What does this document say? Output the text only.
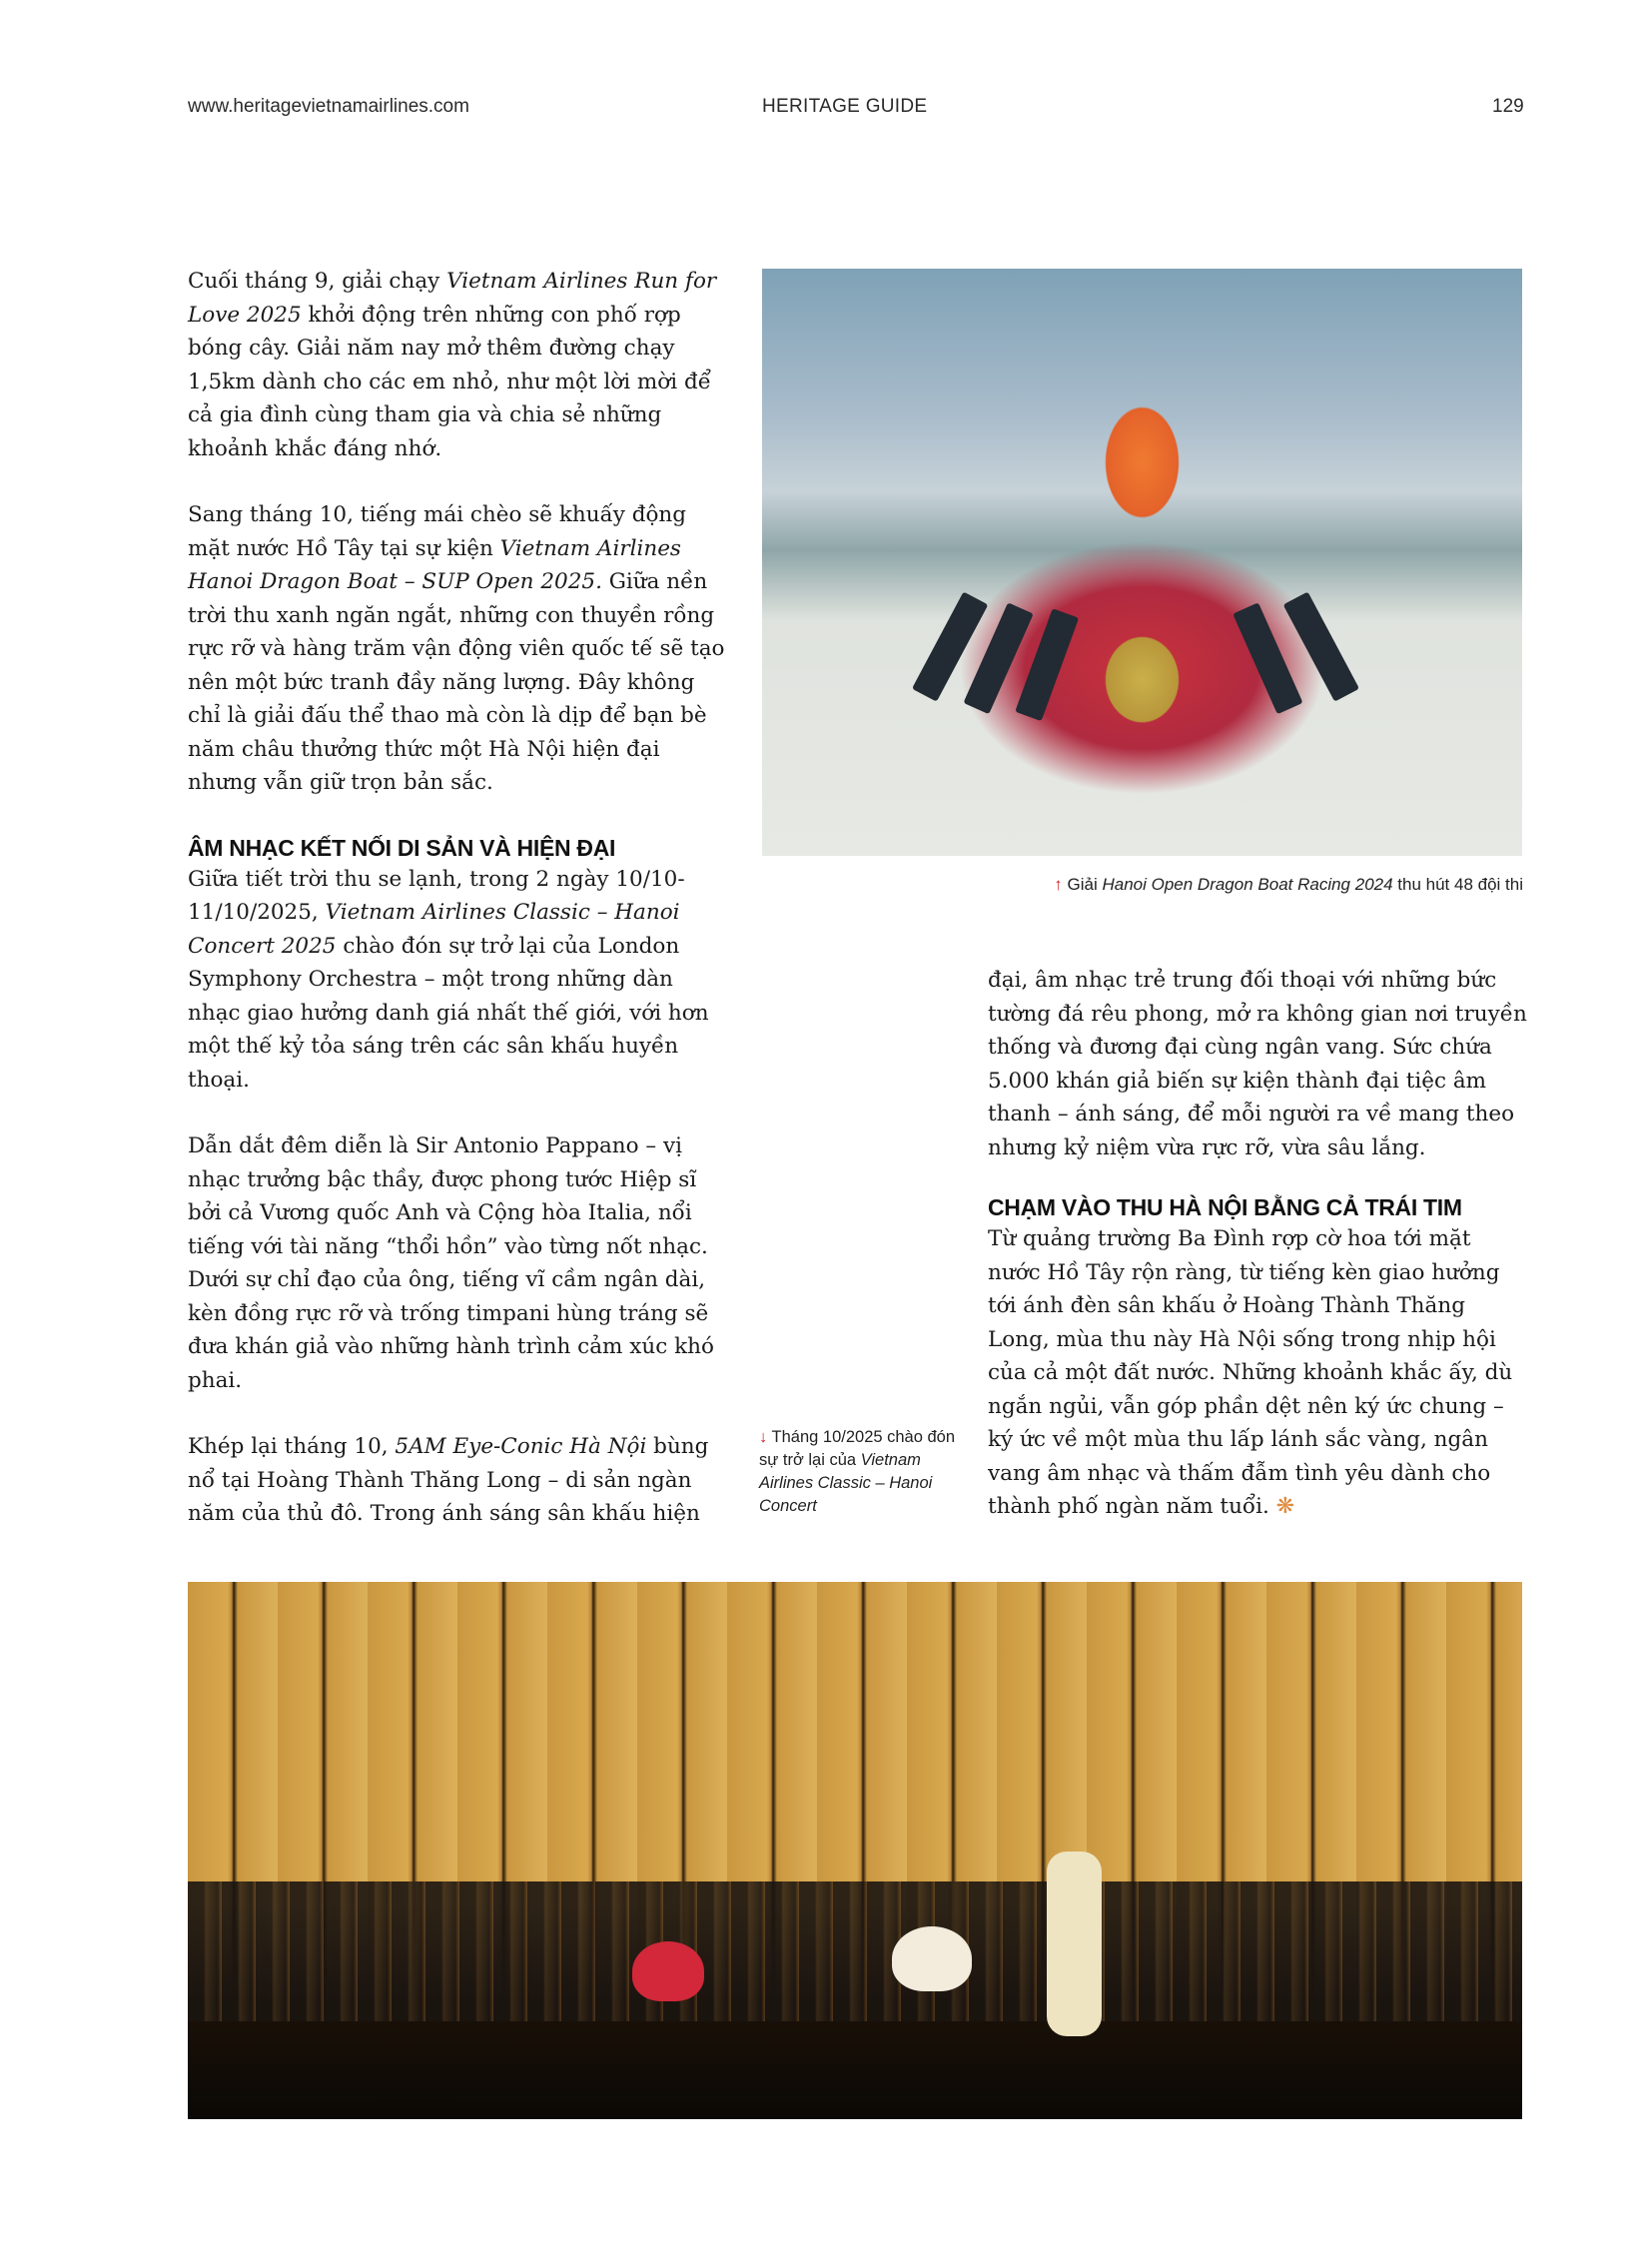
www.heritagevietnamairlines.com	HERITAGE GUIDE	129

Cuối tháng 9, giải chạy Vietnam Airlines Run for Love 2025 khởi động trên những con phố rợp bóng cây. Giải năm nay mở thêm đường chạy 1,5km dành cho các em nhỏ, như một lời mời để cả gia đình cùng tham gia và chia sẻ những khoảnh khắc đáng nhớ.

Sang tháng 10, tiếng mái chèo sẽ khuấy động mặt nước Hồ Tây tại sự kiện Vietnam Airlines Hanoi Dragon Boat – SUP Open 2025. Giữa nền trời thu xanh ngăn ngắt, những con thuyền rồng rực rỡ và hàng trăm vận động viên quốc tế sẽ tạo nên một bức tranh đầy năng lượng. Đây không chỉ là giải đấu thể thao mà còn là dịp để bạn bè năm châu thưởng thức một Hà Nội hiện đại nhưng vẫn giữ trọn bản sắc.

ÂM NHẠC KẾT NỐI DI SẢN VÀ HIỆN ĐẠI

Giữa tiết trời thu se lạnh, trong 2 ngày 10/10-11/10/2025, Vietnam Airlines Classic – Hanoi Concert 2025 chào đón sự trở lại của London Symphony Orchestra – một trong những dàn nhạc giao hưởng danh giá nhất thế giới, với hơn một thế kỷ tỏa sáng trên các sân khấu huyền thoại.

Dẫn dắt đêm diễn là Sir Antonio Pappano – vị nhạc trưởng bậc thầy, được phong tước Hiệp sĩ bởi cả Vương quốc Anh và Cộng hòa Italia, nổi tiếng với tài năng “thổi hồn” vào từng nốt nhạc. Dưới sự chỉ đạo của ông, tiếng vĩ cầm ngân dài, kèn đồng rực rỡ và trống timpani hùng tráng sẽ đưa khán giả vào những hành trình cảm xúc khó phai.

Khép lại tháng 10, 5AM Eye-Conic Hà Nội bùng nổ tại Hoàng Thành Thăng Long – di sản ngàn năm của thủ đô. Trong ánh sáng sân khấu hiện

↑ Giải Hanoi Open Dragon Boat Racing 2024 thu hút 48 đội thi

đại, âm nhạc trẻ trung đối thoại với những bức tường đá rêu phong, mở ra không gian nơi truyền thống và đương đại cùng ngân vang. Sức chứa 5.000 khán giả biến sự kiện thành đại tiệc âm thanh – ánh sáng, để mỗi người ra về mang theo nhưng kỷ niệm vừa rực rỡ, vừa sâu lắng.

CHẠM VÀO THU HÀ NỘI BẰNG CẢ TRÁI TIM

Từ quảng trường Ba Đình rợp cờ hoa tới mặt nước Hồ Tây rộn ràng, từ tiếng kèn giao hưởng tới ánh đèn sân khấu ở Hoàng Thành Thăng Long, mùa thu này Hà Nội sống trong nhịp hội của cả một đất nước. Những khoảnh khắc ấy, dù ngắn ngủi, vẫn góp phần dệt nên ký ức chung – ký ức về một mùa thu lấp lánh sắc vàng, ngân vang âm nhạc và thấm đẫm tình yêu dành cho thành phố ngàn năm tuổi. ❋

↓ Tháng 10/2025 chào đón sự trở lại của Vietnam Airlines Classic – Hanoi Concert
